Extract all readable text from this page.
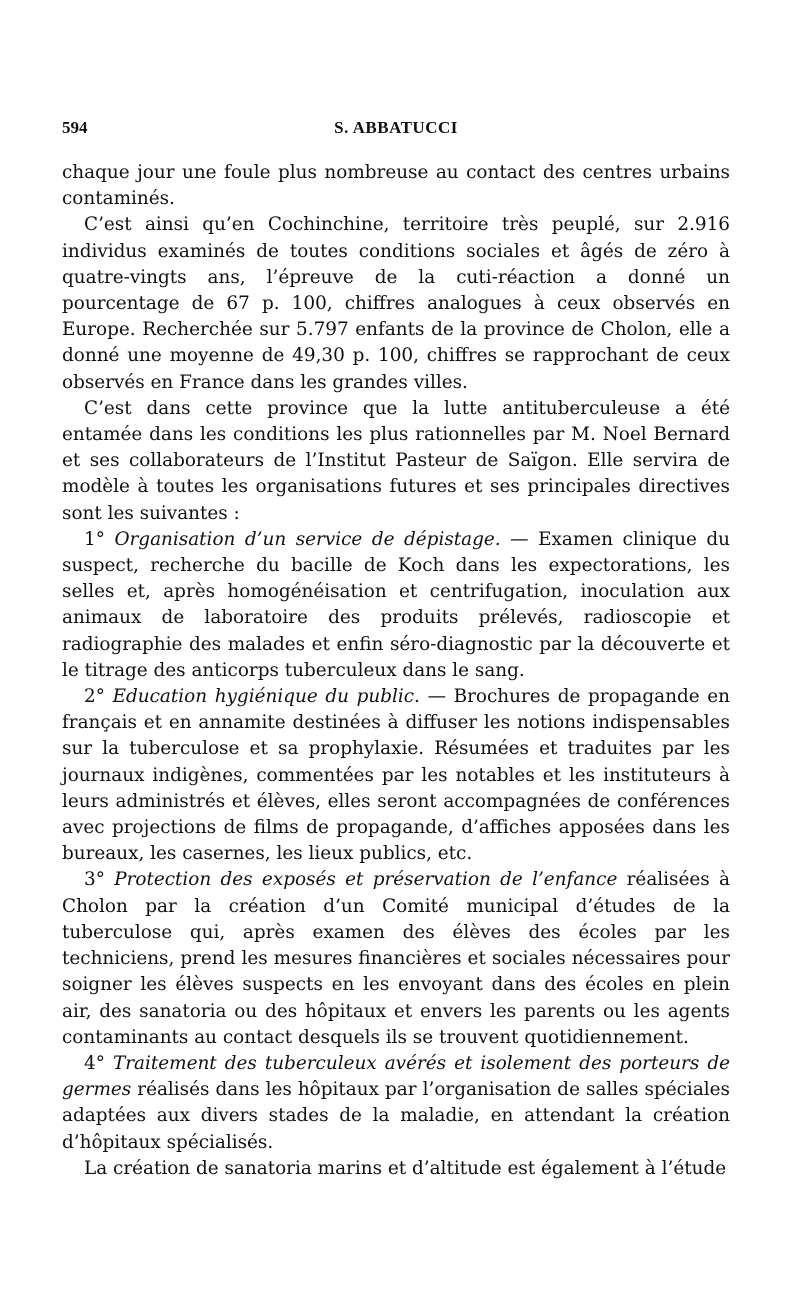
594	S. ABBATUCCI

chaque jour une foule plus nombreuse au contact des centres urbains contaminés.

C’est ainsi qu’en Cochinchine, territoire très peuplé, sur 2.916 individus examinés de toutes conditions sociales et âgés de zéro à quatre-vingts ans, l’épreuve de la cuti-réaction a donné un pourcentage de 67 p. 100, chiffres analogues à ceux observés en Europe. Recherchée sur 5.797 enfants de la province de Cholon, elle a donné une moyenne de 49,30 p. 100, chiffres se rapprochant de ceux observés en France dans les grandes villes.

C’est dans cette province que la lutte antituberculeuse a été entamée dans les conditions les plus rationnelles par M. Noel Bernard et ses collaborateurs de l’Institut Pasteur de Saïgon. Elle servira de modèle à toutes les organisations futures et ses principales directives sont les suivantes :

1° Organisation d’un service de dépistage. — Examen clinique du suspect, recherche du bacille de Koch dans les expectorations, les selles et, après homogénéisation et centrifugation, inoculation aux animaux de laboratoire des produits prélevés, radioscopie et radiographie des malades et enfin séro-diagnostic par la découverte et le titrage des anticorps tuberculeux dans le sang.

2° Education hygiénique du public. — Brochures de propagande en français et en annamite destinées à diffuser les notions indispensables sur la tuberculose et sa prophylaxie. Résumées et traduites par les journaux indigènes, commentées par les notables et les instituteurs à leurs administrés et élèves, elles seront accompagnées de conférences avec projections de films de propagande, d’affiches apposées dans les bureaux, les casernes, les lieux publics, etc.

3° Protection des exposés et préservation de l’enfance réalisées à Cholon par la création d’un Comité municipal d’études de la tuberculose qui, après examen des élèves des écoles par les techniciens, prend les mesures financières et sociales nécessaires pour soigner les élèves suspects en les envoyant dans des écoles en plein air, des sanatoria ou des hôpitaux et envers les parents ou les agents contaminants au contact desquels ils se trouvent quotidiennement.

4° Traitement des tuberculeux avérés et isolement des porteurs de germes réalisés dans les hôpitaux par l’organisation de salles spéciales adaptées aux divers stades de la maladie, en attendant la création d’hôpitaux spécialisés.

La création de sanatoria marins et d’altitude est également à l’étude
